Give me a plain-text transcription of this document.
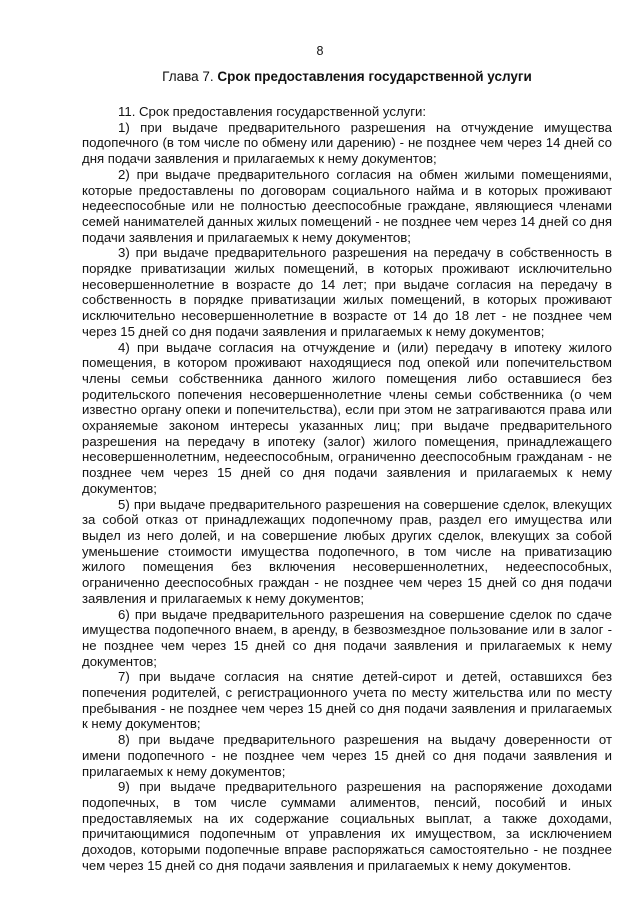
8
Глава 7. Срок предоставления государственной услуги

11. Срок предоставления государственной услуги:

1) при выдаче предварительного разрешения на отчуждение имущества подопечного (в том числе по обмену или дарению) - не позднее чем через 14 дней со дня подачи заявления и прилагаемых к нему документов;

2) при выдаче предварительного согласия на обмен жилыми помещениями, которые предоставлены по договорам социального найма и в которых проживают недееспособные или не полностью дееспособные граждане, являющиеся членами семей нанимателей данных жилых помещений - не позднее чем через 14 дней со дня подачи заявления и прилагаемых к нему документов;

3) при выдаче предварительного разрешения на передачу в собственность в порядке приватизации жилых помещений, в которых проживают исключительно несовершеннолетние в возрасте до 14 лет; при выдаче согласия на передачу в собственность в порядке приватизации жилых помещений, в которых проживают исключительно несовершеннолетние в возрасте от 14 до 18 лет - не позднее чем через 15 дней со дня подачи заявления и прилагаемых к нему документов;

4) при выдаче согласия на отчуждение и (или) передачу в ипотеку жилого помещения, в котором проживают находящиеся под опекой или попечительством члены семьи собственника данного жилого помещения либо оставшиеся без родительского попечения несовершеннолетние члены семьи собственника (о чем известно органу опеки и попечительства), если при этом не затрагиваются права или охраняемые законом интересы указанных лиц; при выдаче предварительного разрешения на передачу в ипотеку (залог) жилого помещения, принадлежащего несовершеннолетним, недееспособным, ограниченно дееспособным гражданам - не позднее чем через 15 дней со дня подачи заявления и прилагаемых к нему документов;

5) при выдаче предварительного разрешения на совершение сделок, влекущих за собой отказ от принадлежащих подопечному прав, раздел его имущества или выдел из него долей, и на совершение любых других сделок, влекущих за собой уменьшение стоимости имущества подопечного, в том числе на приватизацию жилого помещения без включения несовершеннолетних, недееспособных, ограниченно дееспособных граждан - не позднее чем через 15 дней со дня подачи заявления и прилагаемых к нему документов;

6) при выдаче предварительного разрешения на совершение сделок по сдаче имущества подопечного внаем, в аренду, в безвозмездное пользование или в залог - не позднее чем через 15 дней со дня подачи заявления и прилагаемых к нему документов;

7) при выдаче согласия на снятие детей-сирот и детей, оставшихся без попечения родителей, с регистрационного учета по месту жительства или по месту пребывания - не позднее чем через 15 дней со дня подачи заявления и прилагаемых к нему документов;

8) при выдаче предварительного разрешения на выдачу доверенности от имени подопечного - не позднее чем через 15 дней со дня подачи заявления и прилагаемых к нему документов;

9) при выдаче предварительного разрешения на распоряжение доходами подопечных, в том числе суммами алиментов, пенсий, пособий и иных предоставляемых на их содержание социальных выплат, а также доходами, причитающимися подопечным от управления их имуществом, за исключением доходов, которыми подопечные вправе распоряжаться самостоятельно - не позднее чем через 15 дней со дня подачи заявления и прилагаемых к нему документов.
